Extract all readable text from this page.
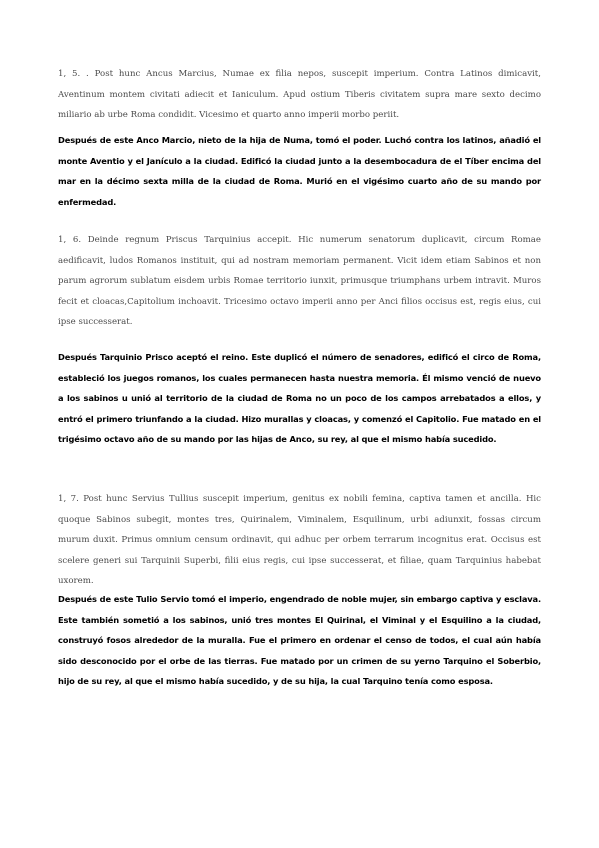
1, 5. . Post hunc Ancus Marcius, Numae ex filia nepos, suscepit imperium. Contra Latinos dimicavit, Aventinum montem civitati adiecit et Ianiculum. Apud ostium Tiberis civitatem supra mare sexto decimo miliario ab urbe Roma condidit. Vicesimo et quarto anno imperii morbo periit.

Después de este Anco Marcio, nieto de la hija de Numa, tomó el poder. Luchó contra los latinos, añadió el monte Aventio y el Janículo a la ciudad. Edificó la ciudad junto a la desembocadura de el Tíber encima del mar en la décimo sexta milla de la ciudad de Roma. Murió en el vigésimo cuarto año de su mando por enfermedad.

1, 6. Deinde regnum Priscus Tarquinius accepit. Hic numerum senatorum duplicavit, circum Romae aedificavit, ludos Romanos instituit, qui ad nostram memoriam permanent. Vicit idem etiam Sabinos et non parum agrorum sublatum eisdem urbis Romae territorio iunxit, primusque triumphans urbem intravit. Muros fecit et cloacas,Capitolium inchoavit. Tricesimo octavo imperii anno per Anci filios occisus est, regis eius, cui ipse successerat.

Después Tarquinio Prisco aceptó el reino. Este duplicó el número de senadores, edificó el circo de Roma, estableció los juegos romanos, los cuales permanecen hasta nuestra memoria. Él mismo venció de nuevo a los sabinos u unió al territorio de la ciudad de Roma no un poco de los campos arrebatados a ellos, y entró el primero triunfando a la ciudad. Hizo murallas y cloacas, y comenzó el Capitolio. Fue matado en el trigésimo octavo año de su mando por las hijas de Anco, su rey, al que el mismo había sucedido.

1, 7. Post hunc Servius Tullius suscepit imperium, genitus ex nobili femina, captiva tamen et ancilla. Hic quoque Sabinos subegit, montes tres, Quirinalem, Viminalem, Esquilinum, urbi adiunxit, fossas circum murum duxit. Primus omnium censum ordinavit, qui adhuc per orbem terrarum incognitus erat. Occisus est scelere generi sui Tarquinii Superbi, filii eius regis, cui ipse successerat, et filiae, quam Tarquinius habebat uxorem.

Después de este Tulio Servio tomó el imperio, engendrado de noble mujer, sin embargo captiva y esclava. Este también sometió a los sabinos, unió tres montes El Quirinal, el Viminal y el Esquilino a la ciudad, construyó fosos alrededor de la muralla. Fue el primero en ordenar el censo de todos, el cual aún había sido desconocido por el orbe de las tierras. Fue matado por un crimen de su yerno Tarquino el Soberbio, hijo de su rey, al que el mismo había sucedido, y de su hija, la cual Tarquino tenía como esposa.
